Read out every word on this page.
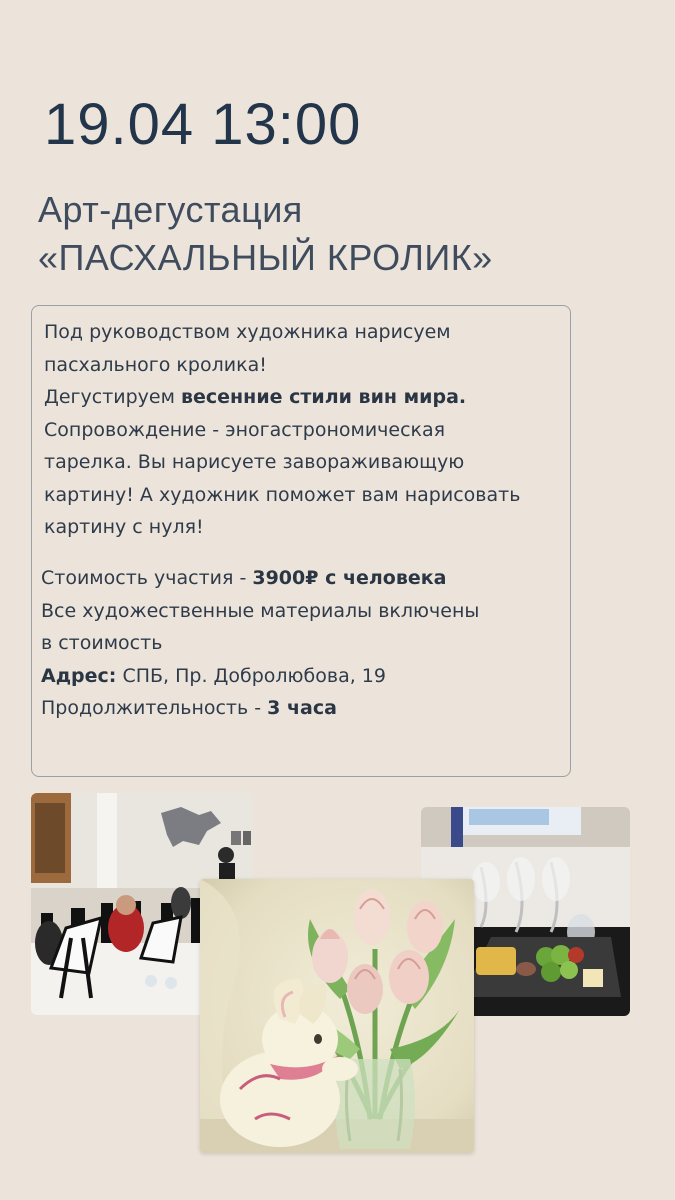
19.04 13:00
Арт-дегустация
«ПАСХАЛЬНЫЙ КРОЛИК»
Под руководством художника нарисуем
пасхального кролика!
Дегустируем весенние стили вин мира.
Сопровождение - эногастрономическая
тарелка. Вы нарисуете завораживающую
картину! А художник поможет вам нарисовать
картину с нуля!
Стоимость участия - 3900₽ с человека
Все художественные материалы включены
в стоимость
Адрес: СПБ, Пр. Добролюбова, 19
Продолжительность - 3 часа
